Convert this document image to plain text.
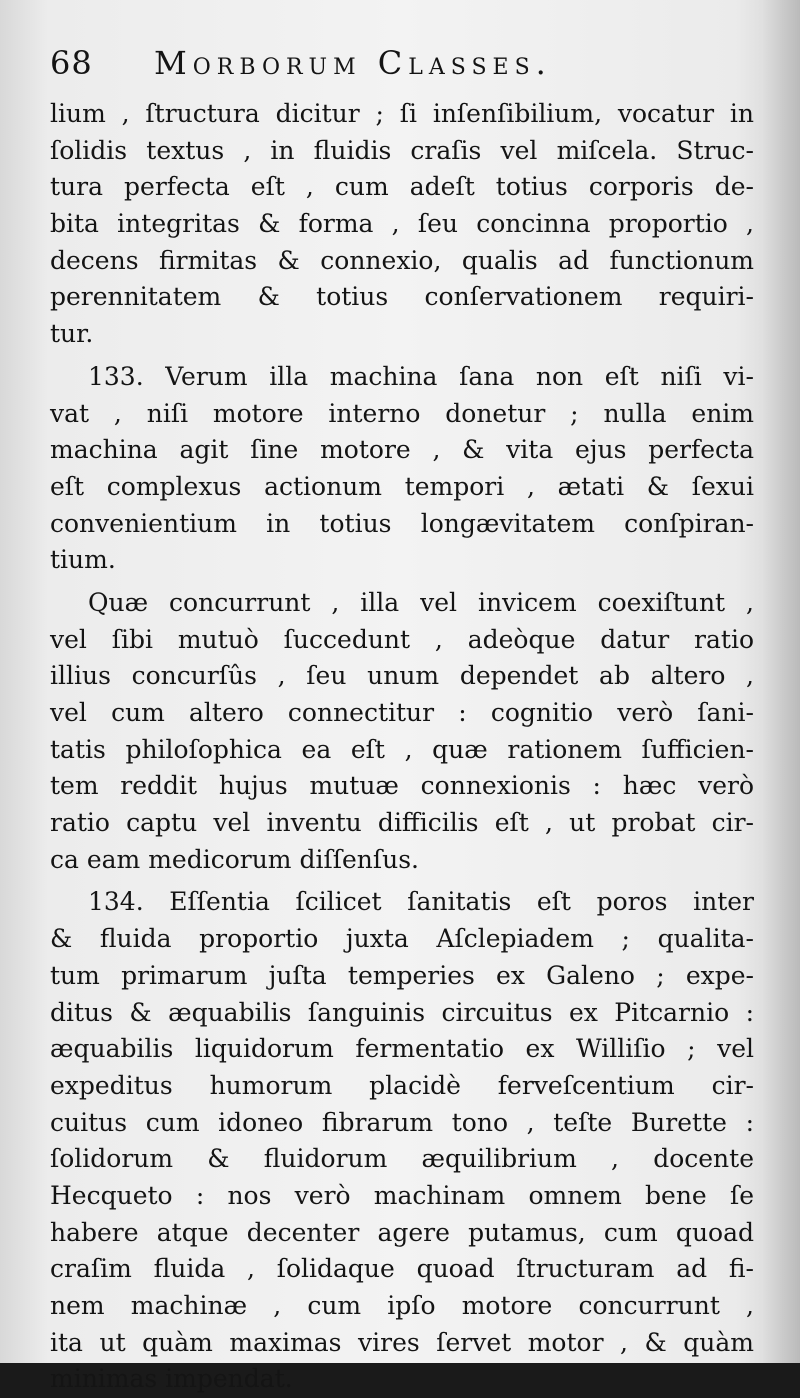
68	Morborum Classes.
lium , ſtructura dicitur ; ſi inſenſibilium, vocatur in
ſolidis textus , in fluidis craſis vel miſcela. Struc-
tura perfecta eſt , cum adeſt totius corporis de-
bita integritas & forma , ſeu concinna proportio ,
decens firmitas & connexio, qualis ad functionum
perennitatem & totius conſervationem requiri-
tur.
133. Verum illa machina ſana non eſt niſi vi-
vat , niſi motore interno donetur ; nulla enim
machina agit ſine motore , & vita ejus perfecta
eſt complexus actionum tempori , ætati & ſexui
convenientium in totius longævitatem conſpiran-
tium.
Quæ concurrunt , illa vel invicem coexiſtunt ,
vel ſibi mutuò ſuccedunt , adeòque datur ratio
illius concurſûs , ſeu unum dependet ab altero ,
vel cum altero connectitur : cognitio verò ſani-
tatis philoſophica ea eſt , quæ rationem ſufficien-
tem reddit hujus mutuæ connexionis : hæc verò
ratio captu vel inventu difficilis eſt , ut probat cir-
ca eam medicorum diſſenſus.
134. Eſſentia ſcilicet ſanitatis eſt poros inter
& fluida proportio juxta Aſclepiadem ; qualita-
tum primarum juſta temperies ex Galeno ; expe-
ditus & æquabilis ſanguinis circuitus ex Pitcarnio :
æquabilis liquidorum fermentatio ex Williſio ; vel
expeditus humorum placidè ferveſcentium cir-
cuitus cum idoneo fibrarum tono , teſte Burette :
ſolidorum & fluidorum æquilibrium , docente
Hecqueto : nos verò machinam omnem bene ſe
habere atque decenter agere putamus, cum quoad
craſim fluida , ſolidaque quoad ſtructuram ad fi-
nem machinæ , cum ipſo motore concurrunt ,
ita ut quàm maximas vires ſervet motor , & quàm
minimas impendat.
